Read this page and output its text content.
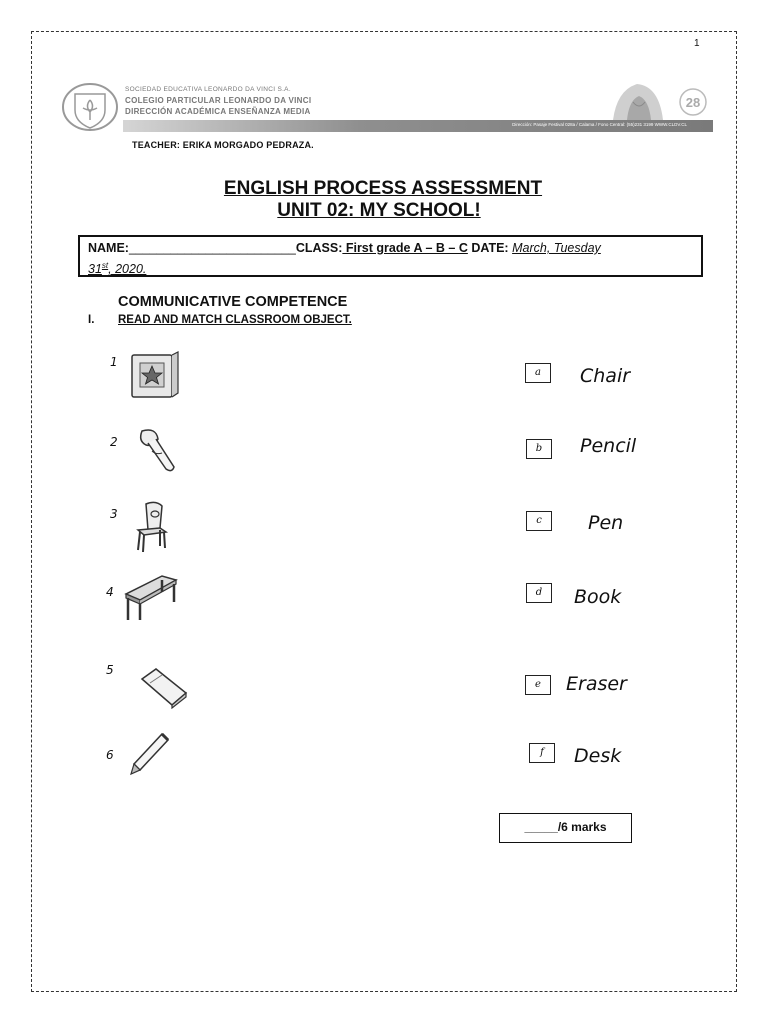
1
SOCIEDAD EDUCATIVA LEONARDO DA VINCI S.A.
COLEGIO PARTICULAR LEONARDO DA VINCI
DIRECCIÓN ACADÉMICA ENSEÑANZA MEDIA
Dirección: Pasaje Festival 028a / Calama / Fono Central: (55)231 3199 WWW.CLDV.CL
28
TEACHER: ERIKA MORGADO PEDRAZA.
ENGLISH PROCESS ASSESSMENT
UNIT 02: MY SCHOOL!
NAME:________________________CLASS: First grade A – B – C DATE: March, Tuesday
31st, 2020.
COMMUNICATIVE COMPETENCE
I. READ AND MATCH CLASSROOM OBJECT.
1
2
3
4
5
6
a	Chair
b	Pencil
c	Pen
d	Book
e	Eraser
f	Desk
_____/6 marks
